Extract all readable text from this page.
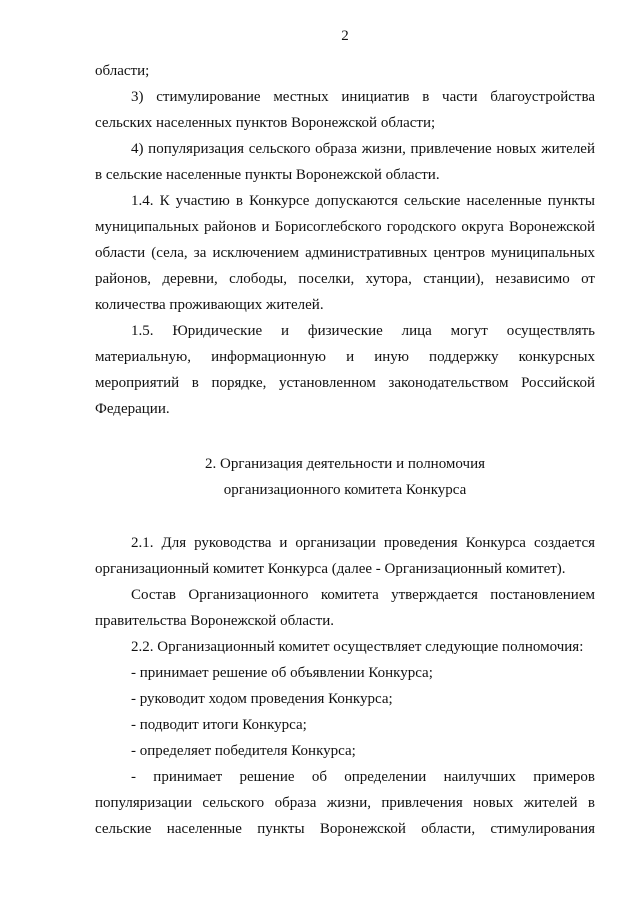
2
области;
3) стимулирование местных инициатив в части благоустройства
сельских населенных пунктов Воронежской области;
4) популяризация сельского образа жизни, привлечение новых жителей
в сельские населенные пункты Воронежской области.
1.4. К участию в Конкурсе допускаются сельские населенные пункты
муниципальных районов и Борисоглебского городского округа Воронежской
области (села, за исключением административных центров муниципальных
районов, деревни, слободы, поселки, хутора, станции), независимо от
количества проживающих жителей.
1.5. Юридические и физические лица могут осуществлять
материальную, информационную и иную поддержку конкурсных
мероприятий в порядке, установленном законодательством Российской
Федерации.
2. Организация деятельности и полномочия
организационного комитета Конкурса
2.1. Для руководства и организации проведения Конкурса создается
организационный комитет Конкурса (далее - Организационный комитет).
Состав Организационного комитета утверждается постановлением
правительства Воронежской области.
2.2. Организационный комитет осуществляет следующие полномочия:
- принимает решение об объявлении Конкурса;
- руководит ходом проведения Конкурса;
- подводит итоги Конкурса;
- определяет победителя Конкурса;
- принимает решение об определении наилучших примеров
популяризации сельского образа жизни, привлечения новых жителей в
сельские населенные пункты Воронежской области, стимулирования
